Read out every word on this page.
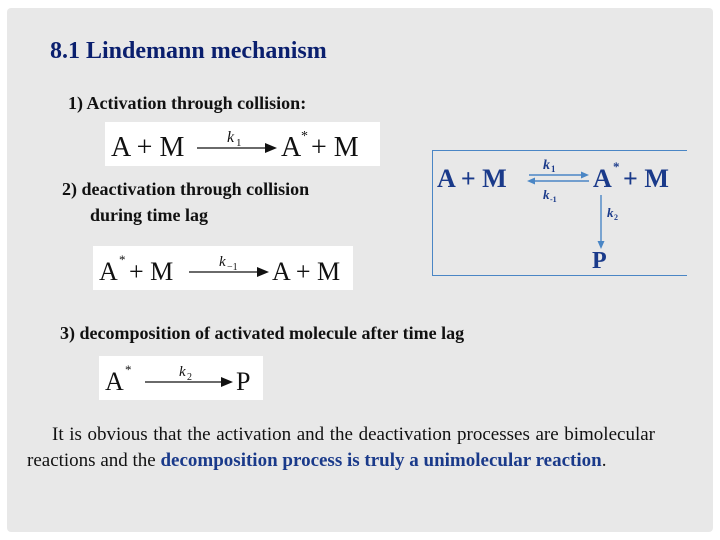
8.1 Lindemann mechanism

1) Activation through collision:

A + M	k 1 A * + M

2) deactivation through collision
during time lag

A * + M	k −1 A + M
A + M	k 1
k -1
A * + M
k 2
P

3) decomposition of activated molecule after time lag

A *	k 2 P

It is obvious that the activation and the deactivation processes are bimolecular reactions and the decomposition process is truly a unimolecular reaction.
